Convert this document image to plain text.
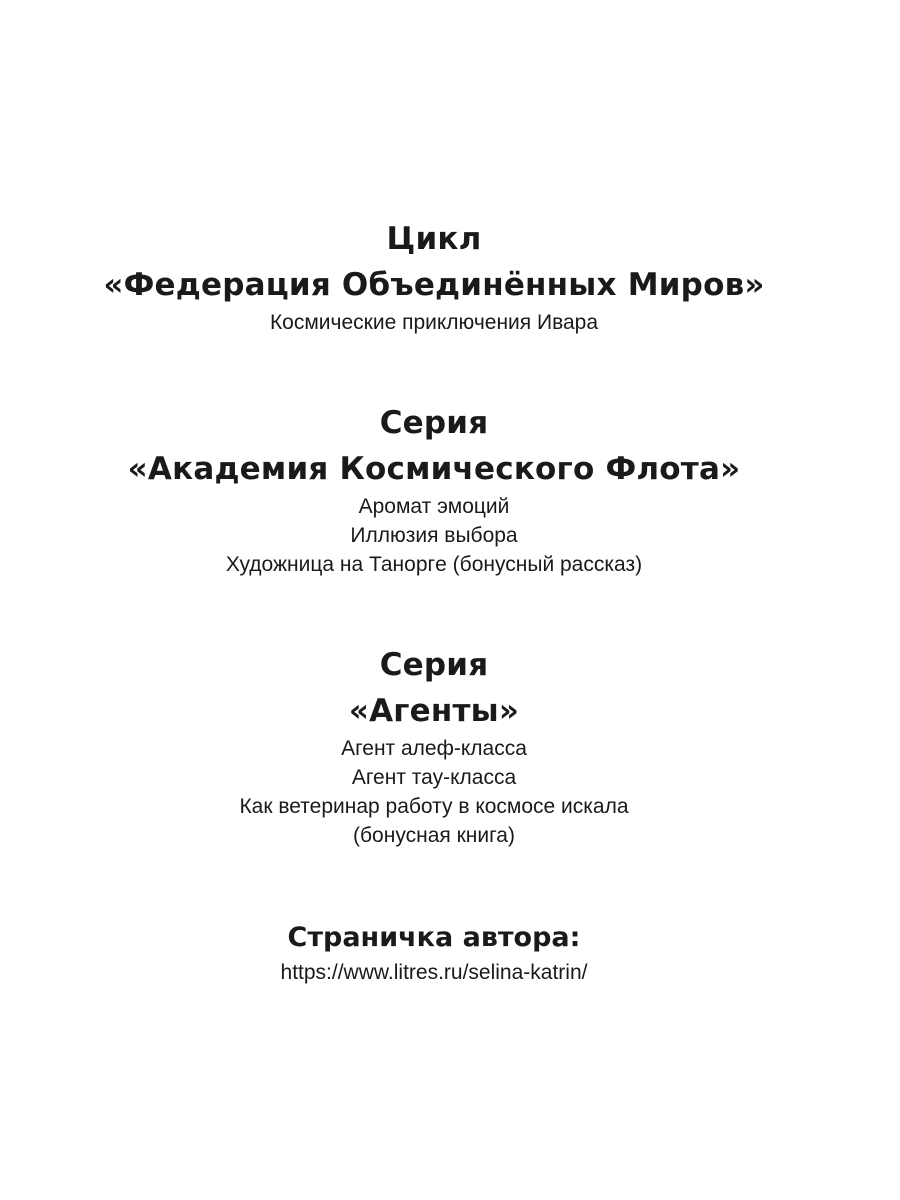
Цикл
«Федерация Объединённых Миров»
Космические приключения Ивара
Серия
«Академия Космического Флота»
Аромат эмоций
Иллюзия выбора
Художница на Таноргe (бонусный рассказ)
Серия
«Агенты»
Агент алеф-класса
Агент тау-класса
Как ветеринар работу в космосе искала
(бонусная книга)
Страничка автора:
https://www.litres.ru/selina-katrin/
